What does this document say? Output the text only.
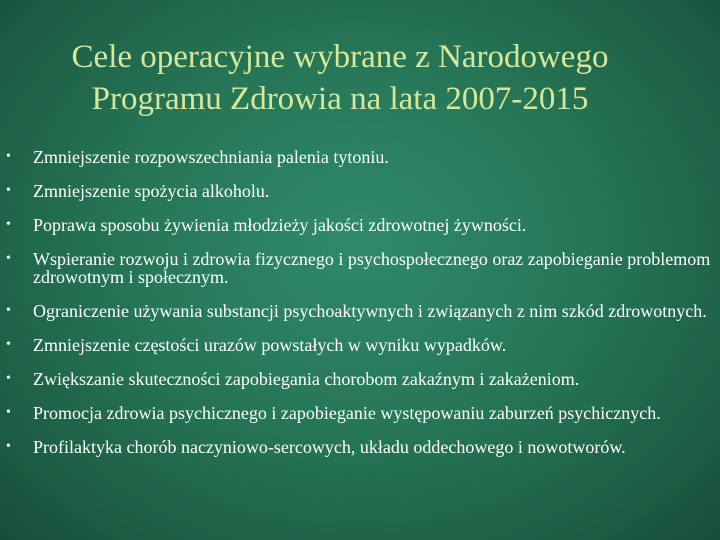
Cele operacyjne wybrane z Narodowego
Programu Zdrowia na lata 2007-2015
• Zmniejszenie rozpowszechniania palenia tytoniu.
• Zmniejszenie spożycia alkoholu.
• Poprawa sposobu żywienia młodzieży jakości zdrowotnej żywności.
• Wspieranie rozwoju i zdrowia fizycznego i psychospołecznego oraz zapobieganie problemom zdrowotnym i społecznym.
• Ograniczenie używania substancji psychoaktywnych i związanych z nim szkód zdrowotnych.
• Zmniejszenie częstości urazów powstałych w wyniku wypadków.
• Zwiększanie skuteczności zapobiegania chorobom zakaźnym i zakażeniom.
• Promocja zdrowia psychicznego i zapobieganie występowaniu zaburzeń psychicznych.
• Profilaktyka chorób naczyniowo-sercowych, układu oddechowego i nowotworów.
